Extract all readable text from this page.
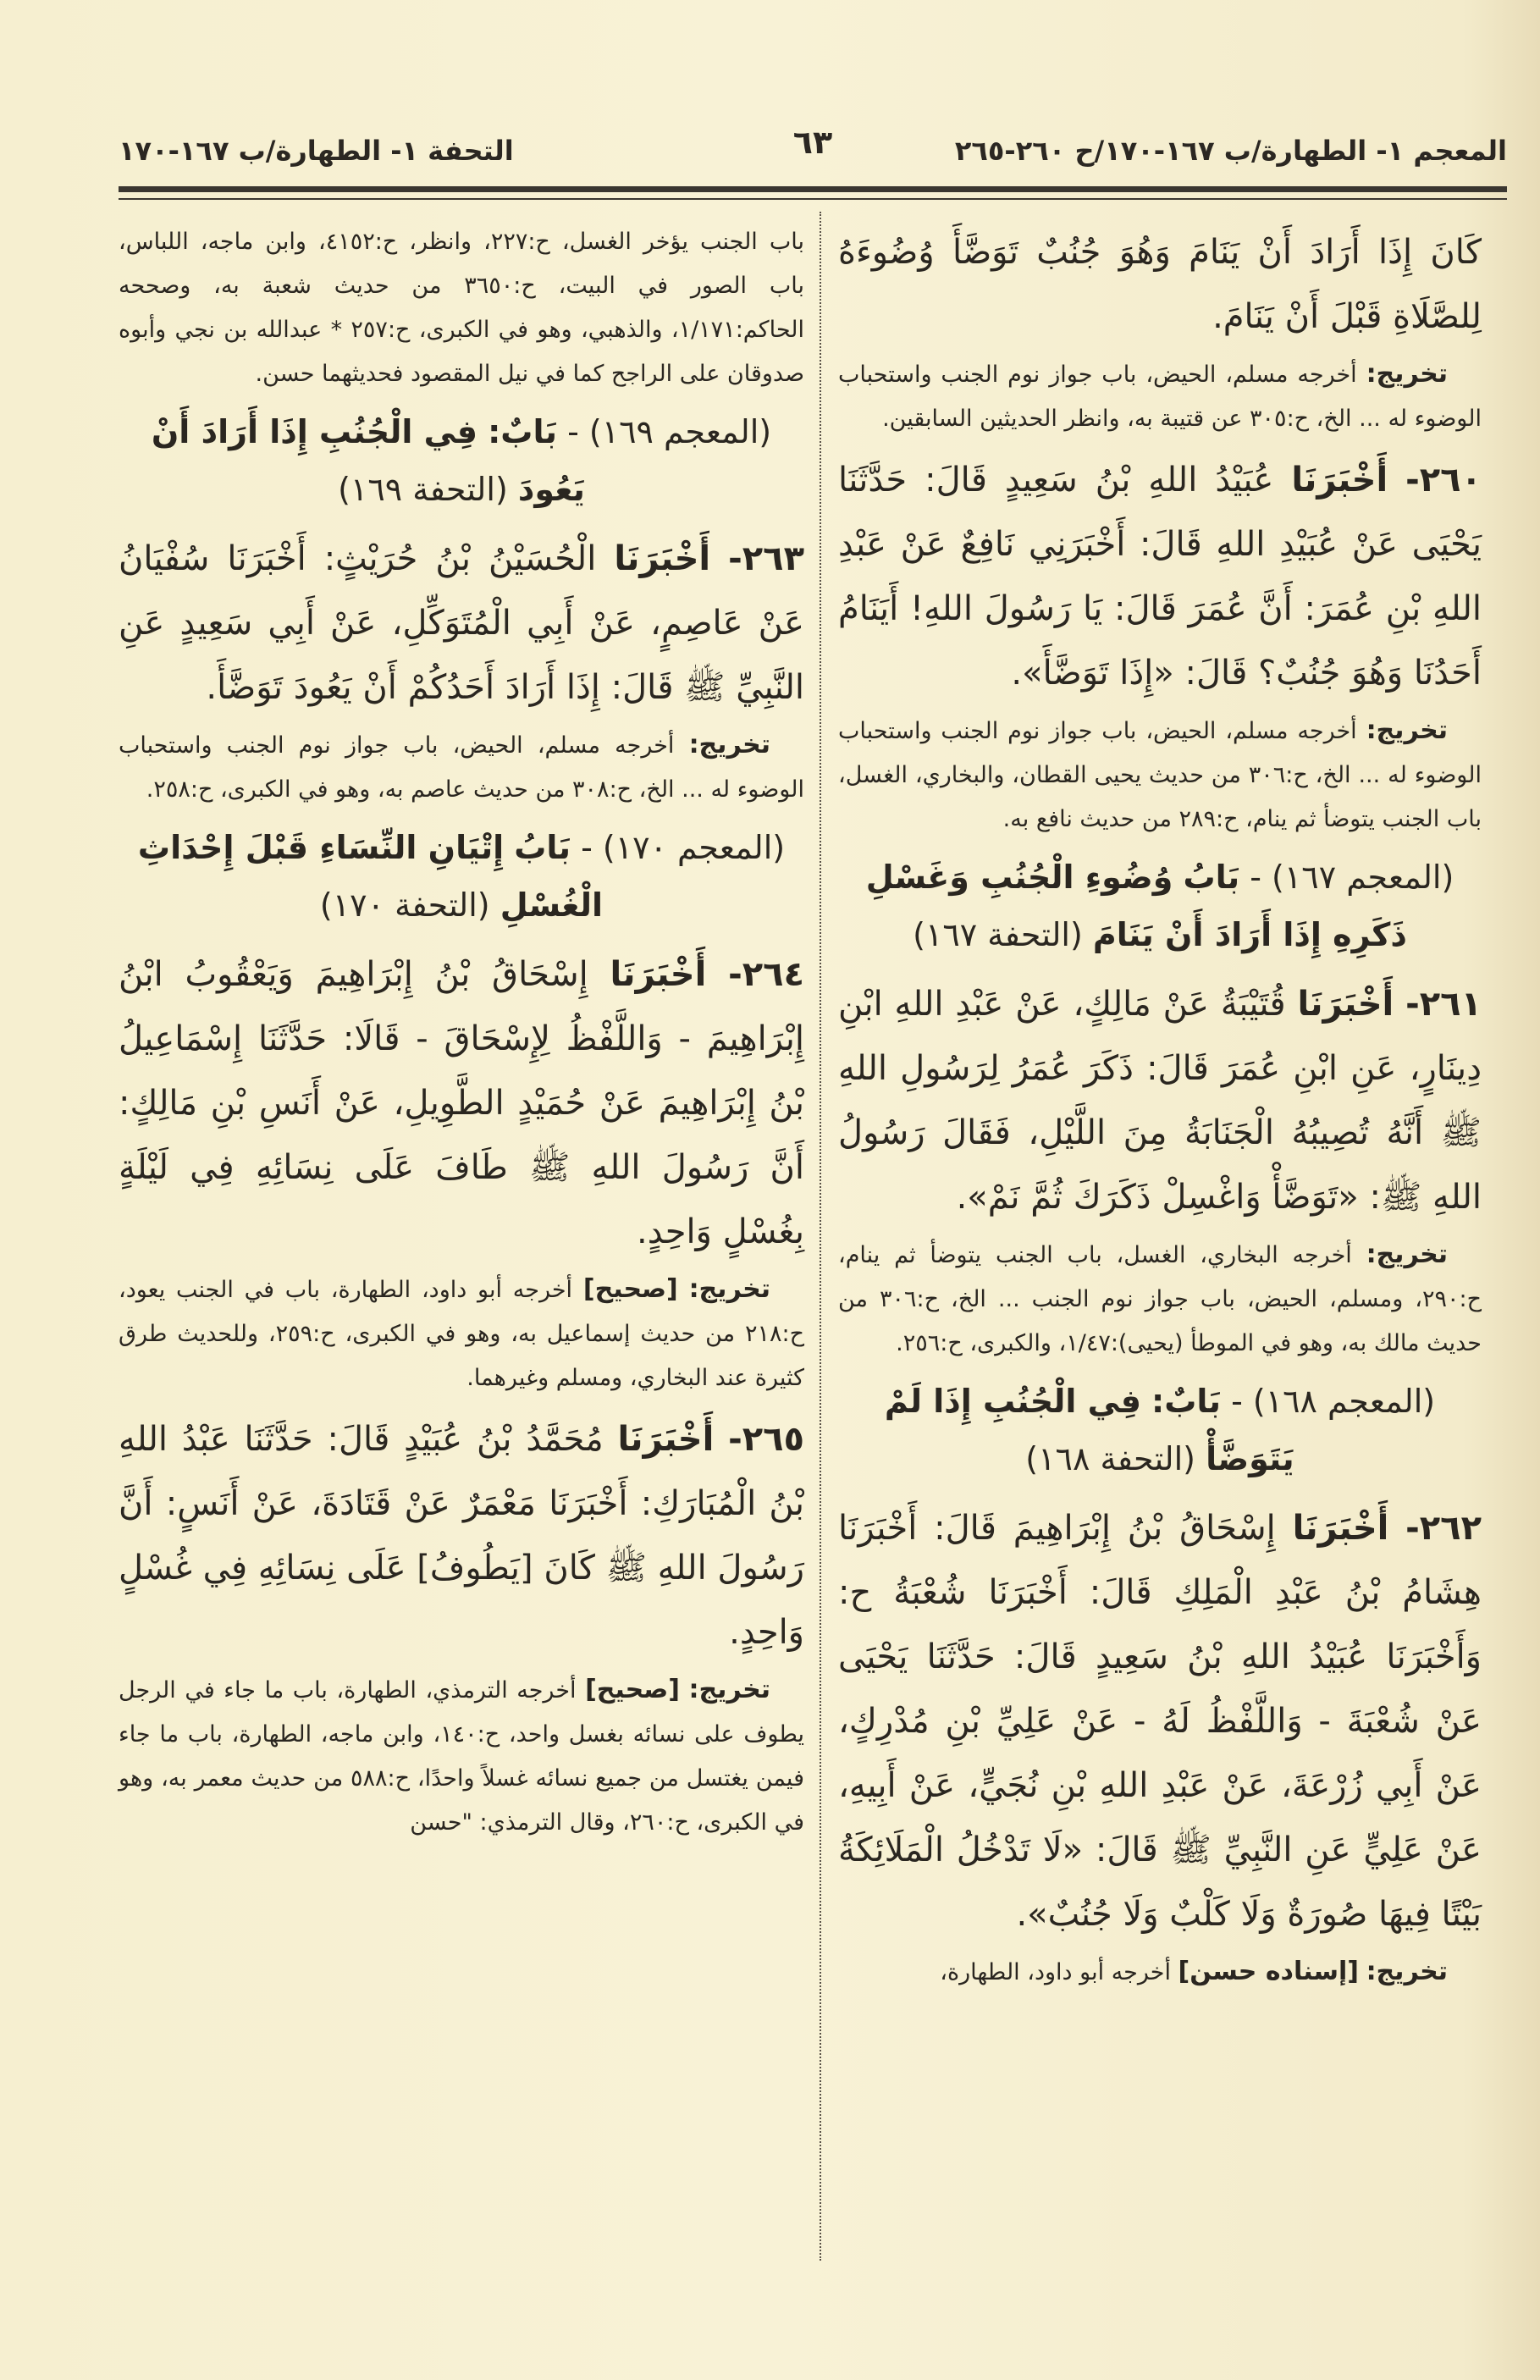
المعجم ١- الطهارة/ب ١٦٧-١٧٠/ح ٢٦٠-٢٦٥
٦٣
التحفة ١- الطهارة/ب ١٦٧-١٧٠

كَانَ إِذَا أَرَادَ أَنْ يَنَامَ وَهُوَ جُنُبٌ تَوَضَّأَ وُضُوءَهُ لِلصَّلَاةِ قَبْلَ أَنْ يَنَامَ.

تخريج: أخرجه مسلم، الحيض، باب جواز نوم الجنب واستحباب الوضوء له ... الخ، ح:٣٠٥ عن قتيبة به، وانظر الحديثين السابقين.

٢٦٠- أَخْبَرَنَا عُبَيْدُ اللهِ بْنُ سَعِيدٍ قَالَ: حَدَّثَنَا يَحْيَى عَنْ عُبَيْدِ اللهِ قَالَ: أَخْبَرَنِي نَافِعٌ عَنْ عَبْدِ اللهِ بْنِ عُمَرَ: أَنَّ عُمَرَ قَالَ: يَا رَسُولَ اللهِ! أَيَنَامُ أَحَدُنَا وَهُوَ جُنُبٌ؟ قَالَ: «إِذَا تَوَضَّأَ».

تخريج: أخرجه مسلم، الحيض، باب جواز نوم الجنب واستحباب الوضوء له ... الخ، ح:٣٠٦ من حديث يحيى القطان، والبخاري، الغسل، باب الجنب يتوضأ ثم ينام، ح:٢٨٩ من حديث نافع به.

(المعجم ١٦٧) - بَابُ وُضُوءِ الْجُنُبِ وَغَسْلِ ذَكَرِهِ إِذَا أَرَادَ أَنْ يَنَامَ (التحفة ١٦٧)

٢٦١- أَخْبَرَنَا قُتَيْبَةُ عَنْ مَالِكٍ، عَنْ عَبْدِ اللهِ ابْنِ دِينَارٍ، عَنِ ابْنِ عُمَرَ قَالَ: ذَكَرَ عُمَرُ لِرَسُولِ اللهِ ﷺ أَنَّهُ تُصِيبُهُ الْجَنَابَةُ مِنَ اللَّيْلِ، فَقَالَ رَسُولُ اللهِ ﷺ: «تَوَضَّأْ وَاغْسِلْ ذَكَرَكَ ثُمَّ نَمْ».

تخريج: أخرجه البخاري، الغسل، باب الجنب يتوضأ ثم ينام، ح:٢٩٠، ومسلم، الحيض، باب جواز نوم الجنب ... الخ، ح:٣٠٦ من حديث مالك به، وهو في الموطأ (يحيى):١/٤٧، والكبرى، ح:٢٥٦.

(المعجم ١٦٨) - بَابٌ: فِي الْجُنُبِ إِذَا لَمْ يَتَوَضَّأْ (التحفة ١٦٨)

٢٦٢- أَخْبَرَنَا إِسْحَاقُ بْنُ إِبْرَاهِيمَ قَالَ: أَخْبَرَنَا هِشَامُ بْنُ عَبْدِ الْمَلِكِ قَالَ: أَخْبَرَنَا شُعْبَةُ ح: وَأَخْبَرَنَا عُبَيْدُ اللهِ بْنُ سَعِيدٍ قَالَ: حَدَّثَنَا يَحْيَى عَنْ شُعْبَةَ - وَاللَّفْظُ لَهُ - عَنْ عَلِيِّ بْنِ مُدْرِكٍ، عَنْ أَبِي زُرْعَةَ، عَنْ عَبْدِ اللهِ بْنِ نُجَيٍّ، عَنْ أَبِيهِ، عَنْ عَلِيٍّ عَنِ النَّبِيِّ ﷺ قَالَ: «لَا تَدْخُلُ الْمَلَائِكَةُ بَيْتًا فِيهَا صُورَةٌ وَلَا كَلْبٌ وَلَا جُنُبٌ».

تخريج: [إسناده حسن] أخرجه أبو داود، الطهارة،

باب الجنب يؤخر الغسل، ح:٢٢٧، وانظر، ح:٤١٥٢، وابن ماجه، اللباس، باب الصور في البيت، ح:٣٦٥٠ من حديث شعبة به، وصححه الحاكم:١/١٧١، والذهبي، وهو في الكبرى، ح:٢٥٧ * عبدالله بن نجي وأبوه صدوقان على الراجح كما في نيل المقصود فحديثهما حسن.

(المعجم ١٦٩) - بَابٌ: فِي الْجُنُبِ إِذَا أَرَادَ أَنْ يَعُودَ (التحفة ١٦٩)

٢٦٣- أَخْبَرَنَا الْحُسَيْنُ بْنُ حُرَيْثٍ: أَخْبَرَنَا سُفْيَانُ عَنْ عَاصِمٍ، عَنْ أَبِي الْمُتَوَكِّلِ، عَنْ أَبِي سَعِيدٍ عَنِ النَّبِيِّ ﷺ قَالَ: إِذَا أَرَادَ أَحَدُكُمْ أَنْ يَعُودَ تَوَضَّأَ.

تخريج: أخرجه مسلم، الحيض، باب جواز نوم الجنب واستحباب الوضوء له ... الخ، ح:٣٠٨ من حديث عاصم به، وهو في الكبرى، ح:٢٥٨.

(المعجم ١٧٠) - بَابُ إِتْيَانِ النِّسَاءِ قَبْلَ إِحْدَاثِ الْغُسْلِ (التحفة ١٧٠)

٢٦٤- أَخْبَرَنَا إِسْحَاقُ بْنُ إِبْرَاهِيمَ وَيَعْقُوبُ ابْنُ إِبْرَاهِيمَ - وَاللَّفْظُ لِإِسْحَاقَ - قَالَا: حَدَّثَنَا إِسْمَاعِيلُ بْنُ إِبْرَاهِيمَ عَنْ حُمَيْدٍ الطَّوِيلِ، عَنْ أَنَسِ بْنِ مَالِكٍ: أَنَّ رَسُولَ اللهِ ﷺ طَافَ عَلَى نِسَائِهِ فِي لَيْلَةٍ بِغُسْلٍ وَاحِدٍ.

تخريج: [صحيح] أخرجه أبو داود، الطهارة، باب في الجنب يعود، ح:٢١٨ من حديث إسماعيل به، وهو في الكبرى، ح:٢٥٩، وللحديث طرق كثيرة عند البخاري، ومسلم وغيرهما.

٢٦٥- أَخْبَرَنَا مُحَمَّدُ بْنُ عُبَيْدٍ قَالَ: حَدَّثَنَا عَبْدُ اللهِ بْنُ الْمُبَارَكِ: أَخْبَرَنَا مَعْمَرٌ عَنْ قَتَادَةَ، عَنْ أَنَسٍ: أَنَّ رَسُولَ اللهِ ﷺ كَانَ [يَطُوفُ] عَلَى نِسَائِهِ فِي غُسْلٍ وَاحِدٍ.

تخريج: [صحيح] أخرجه الترمذي، الطهارة، باب ما جاء في الرجل يطوف على نسائه بغسل واحد، ح:١٤٠، وابن ماجه، الطهارة، باب ما جاء فيمن يغتسل من جميع نسائه غسلاً واحدًا، ح:٥٨٨ من حديث معمر به، وهو في الكبرى، ح:٢٦٠، وقال الترمذي: "حسن
